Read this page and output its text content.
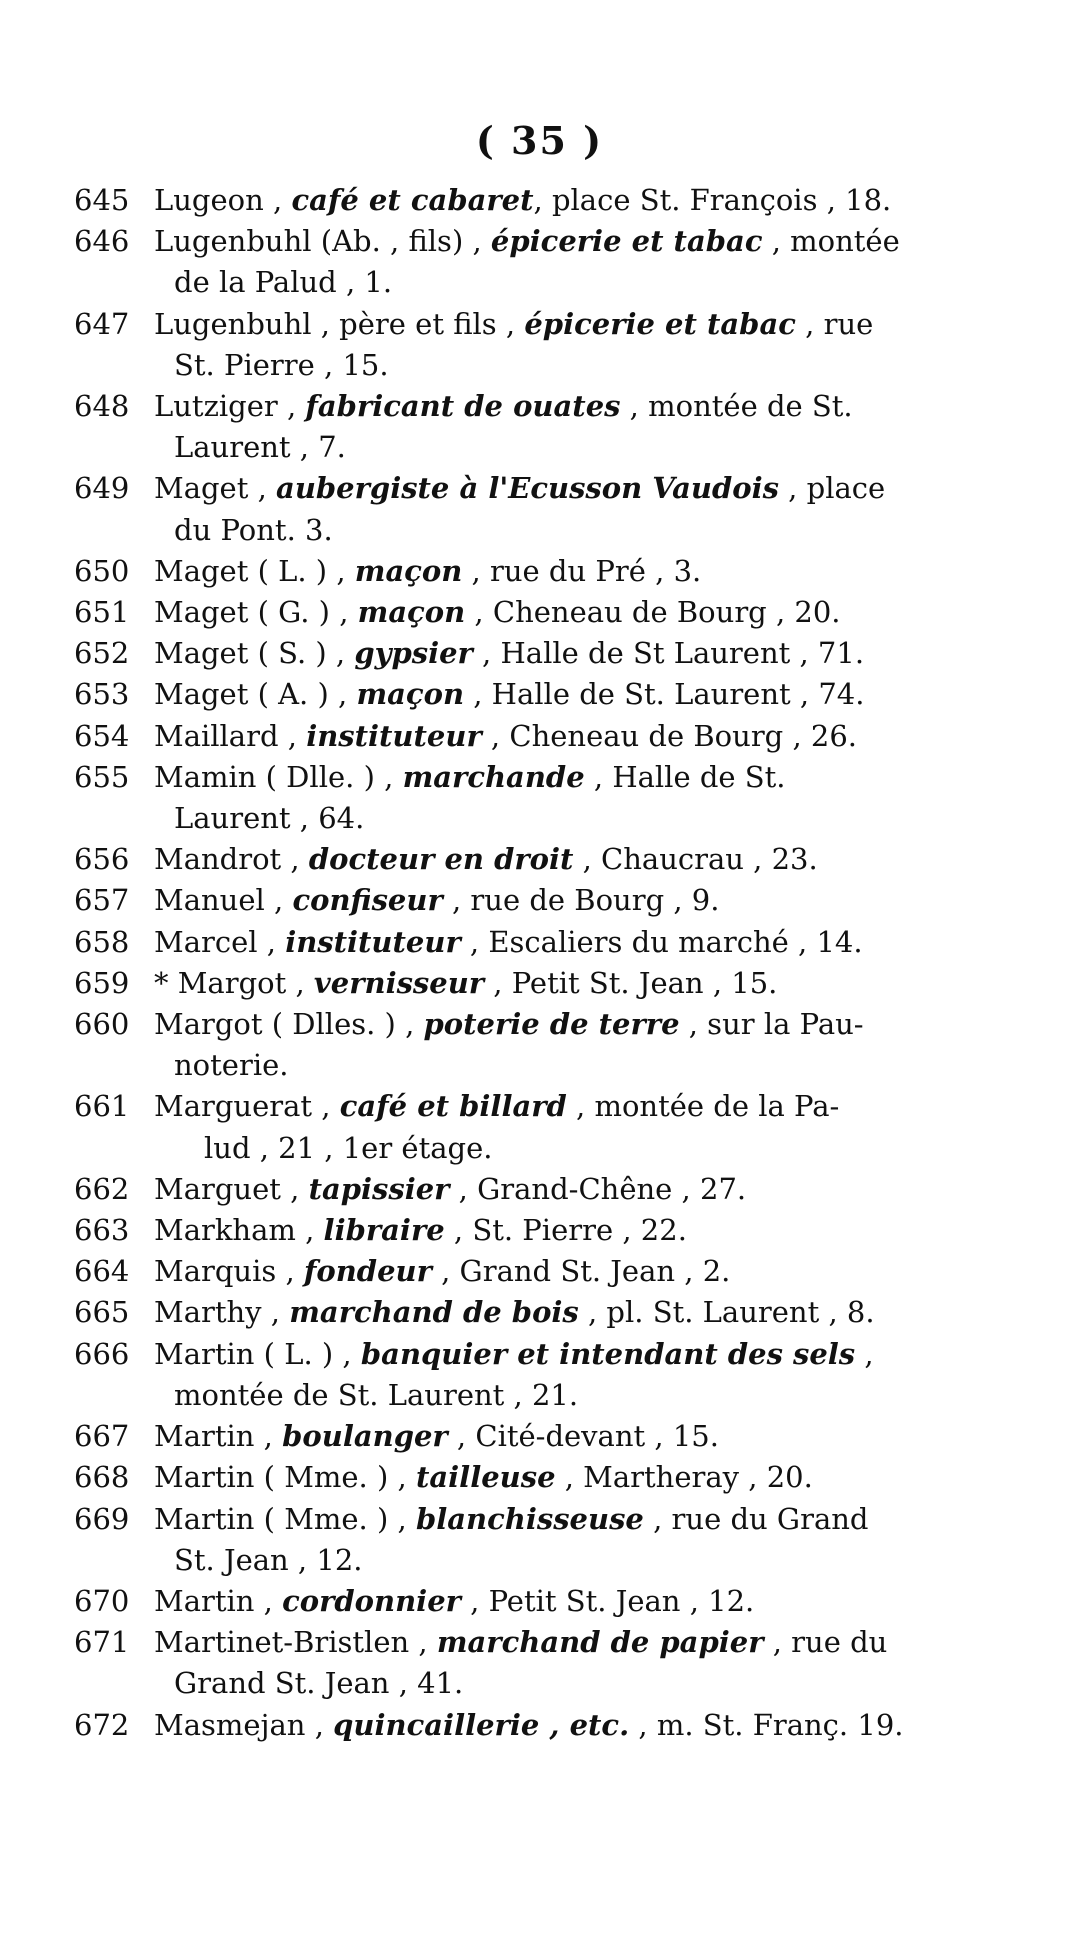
( 35 )
645 Lugeon , café et cabaret, place St. François , 18.
646 Lugenbuhl (Ab. , fils) , épicerie et tabac , montée
de la Palud , 1.
647 Lugenbuhl , père et fils , épicerie et tabac , rue
St. Pierre , 15.
648 Lutziger , fabricant de ouates , montée de St.
Laurent , 7.
649 Maget , aubergiste à l'Ecusson Vaudois , place
du Pont. 3.
650 Maget ( L. ) , maçon , rue du Pré , 3.
651 Maget ( G. ) , maçon , Cheneau de Bourg , 20.
652 Maget ( S. ) , gypsier , Halle de St Laurent , 71.
653 Maget ( A. ) , maçon , Halle de St. Laurent , 74.
654 Maillard , instituteur , Cheneau de Bourg , 26.
655 Mamin ( Dlle. ) , marchande , Halle de St.
Laurent , 64.
656 Mandrot , docteur en droit , Chaucrau , 23.
657 Manuel , confiseur , rue de Bourg , 9.
658 Marcel , instituteur , Escaliers du marché , 14.
659 * Margot , vernisseur , Petit St. Jean , 15.
660 Margot ( Dlles. ) , poterie de terre , sur la Pau-
noterie.
661 Marguerat , café et billard , montée de la Pa-
lud , 21 , 1er étage.
662 Marguet , tapissier , Grand-Chêne , 27.
663 Markham , libraire , St. Pierre , 22.
664 Marquis , fondeur , Grand St. Jean , 2.
665 Marthy , marchand de bois , pl. St. Laurent , 8.
666 Martin ( L. ) , banquier et intendant des sels ,
montée de St. Laurent , 21.
667 Martin , boulanger , Cité-devant , 15.
668 Martin ( Mme. ) , tailleuse , Martheray , 20.
669 Martin ( Mme. ) , blanchisseuse , rue du Grand
St. Jean , 12.
670 Martin , cordonnier , Petit St. Jean , 12.
671 Martinet-Bristlen , marchand de papier , rue du
Grand St. Jean , 41.
672 Masmejan , quincaillerie , etc. , m. St. Franç. 19.
